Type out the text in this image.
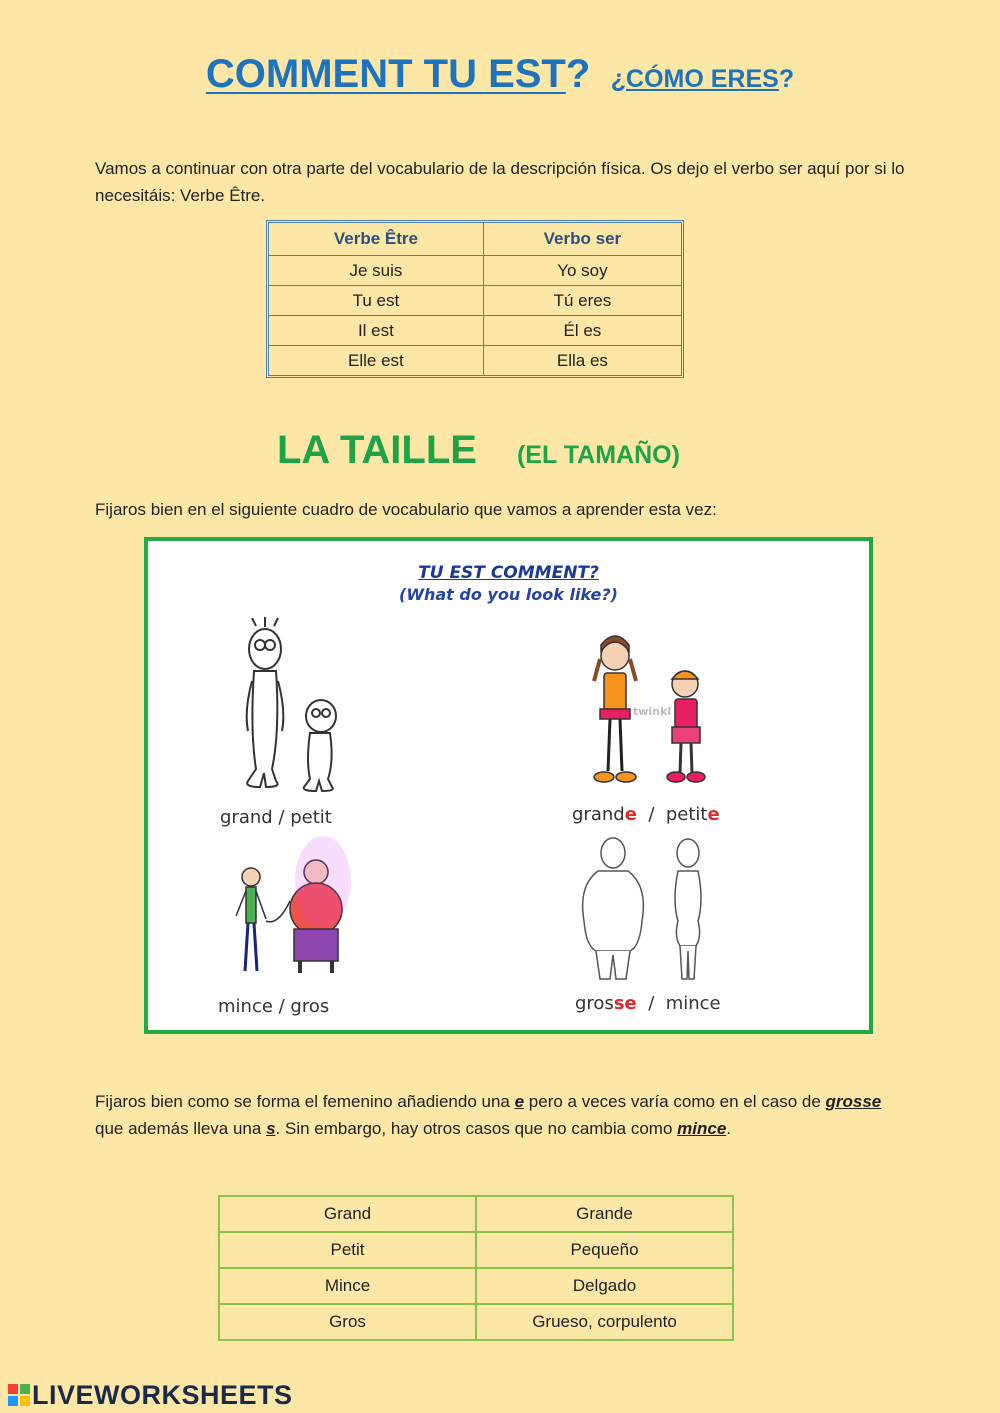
COMMENT TU EST? ¿CÓMO ERES?
Vamos a continuar con otra parte del vocabulario de la descripción física. Os dejo el verbo ser aquí por si lo necesitáis: Verbe Être.
Verbe Être	Verbo ser
Je suis	Yo soy
Tu est	Tú eres
Il est	Él es
Elle est	Ella es
LA TAILLE (EL TAMAÑO)
Fijaros bien en el siguiente cuadro de vocabulario que vamos a aprender esta vez:
TU EST COMMENT?
(What do you look like?)
grand / petit	grande  /  petite
mince / gros	grosse  /  mince
twinkl
Fijaros bien como se forma el femenino añadiendo una e pero a veces varía como en el caso de grosse que además lleva una s. Sin embargo, hay otros casos que no cambia como mince.
Grand	Grande
Petit	Pequeño
Mince	Delgado
Gros	Grueso, corpulento
LIVEWORKSHEETS
